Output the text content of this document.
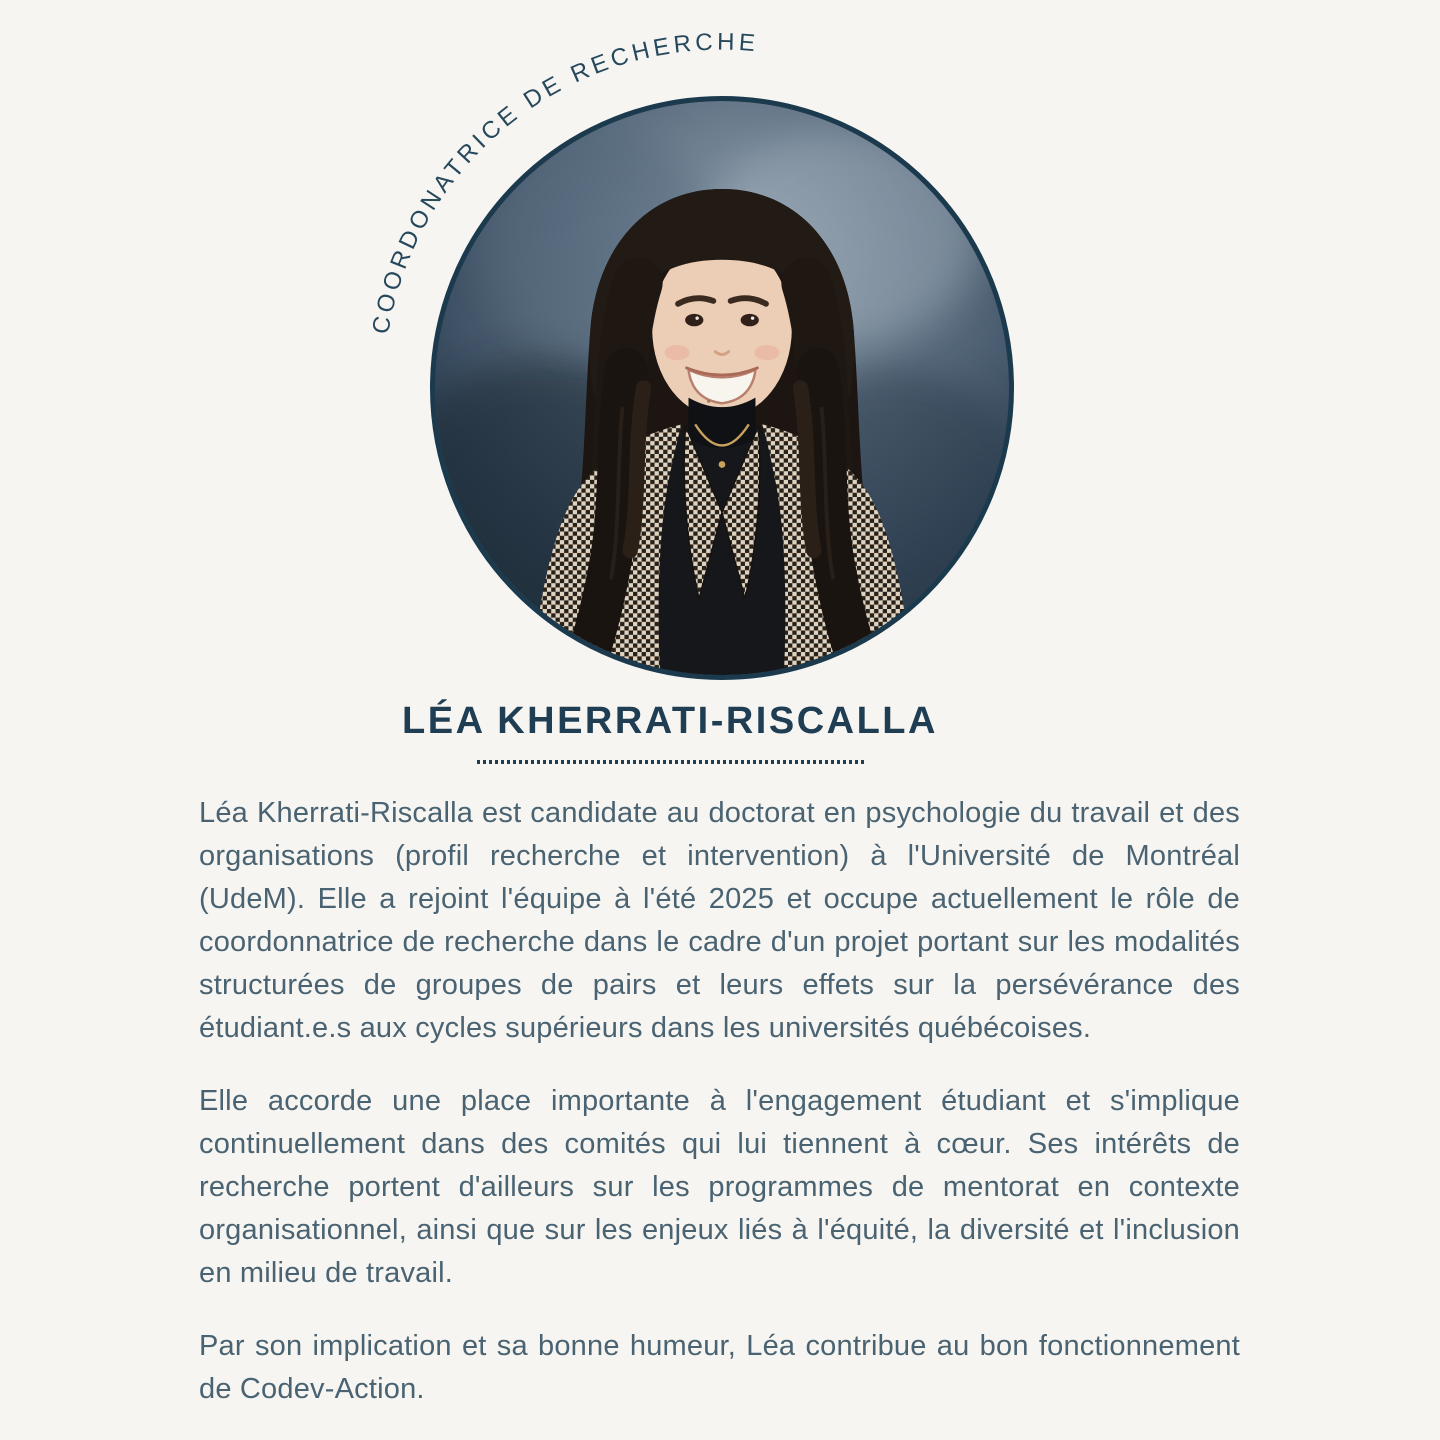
COORDONATRICE DE RECHERCHE
LÉA KHERRATI-RISCALLA

Léa Kherrati-Riscalla est candidate au doctorat en psychologie du travail et des organisations (profil recherche et intervention) à l'Université de Montréal (UdeM). Elle a rejoint l'équipe à l'été 2025 et occupe actuellement le rôle de coordonnatrice de recherche dans le cadre d'un projet portant sur les modalités structurées de groupes de pairs et leurs effets sur la persévérance des étudiant.e.s aux cycles supérieurs dans les universités québécoises.

Elle accorde une place importante à l'engagement étudiant et s'implique continuellement dans des comités qui lui tiennent à cœur. Ses intérêts de recherche portent d'ailleurs sur les programmes de mentorat en contexte organisationnel, ainsi que sur les enjeux liés à l'équité, la diversité et l'inclusion en milieu de travail.

Par son implication et sa bonne humeur, Léa contribue au bon fonctionnement de Codev-Action.
